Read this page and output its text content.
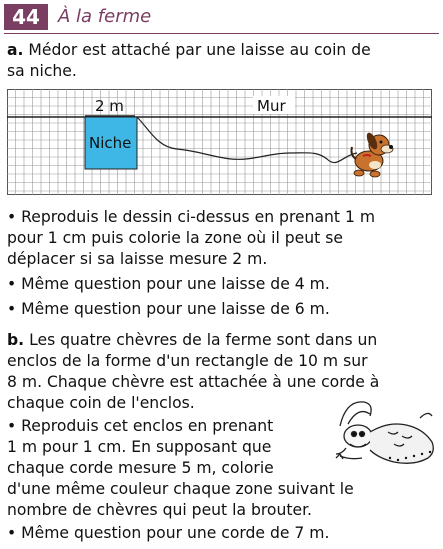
44	À la ferme

a. Médor est attaché par une laisse au coin de

sa niche.

2 m	Mur
Niche

• Reproduis le dessin ci-dessus en prenant 1 m

pour 1 cm puis colorie la zone où il peut se

déplacer si sa laisse mesure 2 m.

• Même question pour une laisse de 4 m.

• Même question pour une laisse de 6 m.

b. Les quatre chèvres de la ferme sont dans un

enclos de la forme d'un rectangle de 10 m sur

8 m. Chaque chèvre est attachée à une corde à

chaque coin de l'enclos.

• Reproduis cet enclos en prenant

1 m pour 1 cm. En supposant que

chaque corde mesure 5 m, colorie

d'une même couleur chaque zone suivant le

nombre de chèvres qui peut la brouter.

• Même question pour une corde de 7 m.
